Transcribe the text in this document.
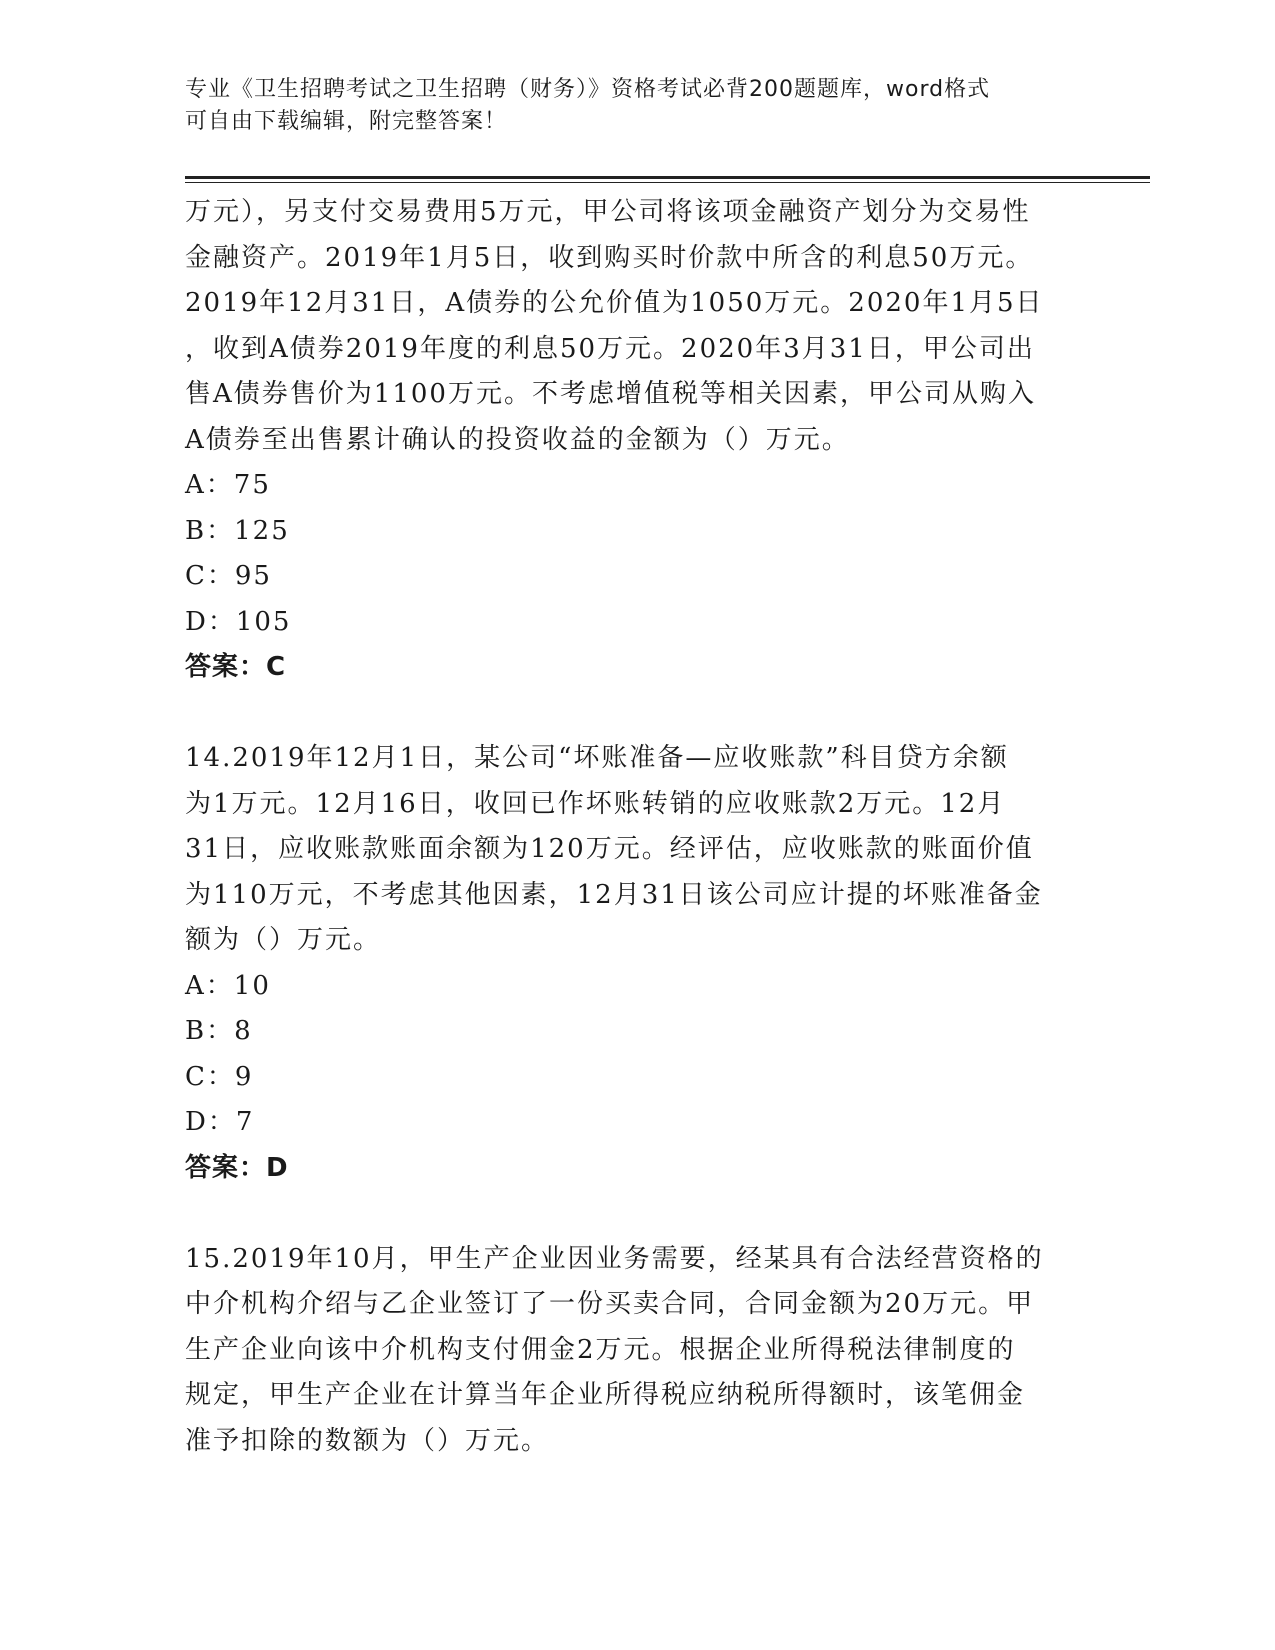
专业《卫生招聘考试之卫生招聘（财务）》资格考试必背200题题库，word格式
可自由下载编辑，附完整答案！
万元），另支付交易费用5万元，甲公司将该项金融资产划分为交易性
金融资产。2019年1月5日，收到购买时价款中所含的利息50万元。
2019年12月31日，A债券的公允价值为1050万元。2020年1月5日
，收到A债券2019年度的利息50万元。2020年3月31日，甲公司出
售A债券售价为1100万元。不考虑增值税等相关因素，甲公司从购入
A债券至出售累计确认的投资收益的金额为（）万元。
A：75
B：125
C：95
D：105
答案：C
14.2019年12月1日，某公司“坏账准备—应收账款”科目贷方余额
为1万元。12月16日，收回已作坏账转销的应收账款2万元。12月
31日，应收账款账面余额为120万元。经评估，应收账款的账面价值
为110万元，不考虑其他因素，12月31日该公司应计提的坏账准备金
额为（）万元。
A：10
B：8
C：9
D：7
答案：D
15.2019年10月，甲生产企业因业务需要，经某具有合法经营资格的
中介机构介绍与乙企业签订了一份买卖合同，合同金额为20万元。甲
生产企业向该中介机构支付佣金2万元。根据企业所得税法律制度的
规定，甲生产企业在计算当年企业所得税应纳税所得额时，该笔佣金
准予扣除的数额为（）万元。
